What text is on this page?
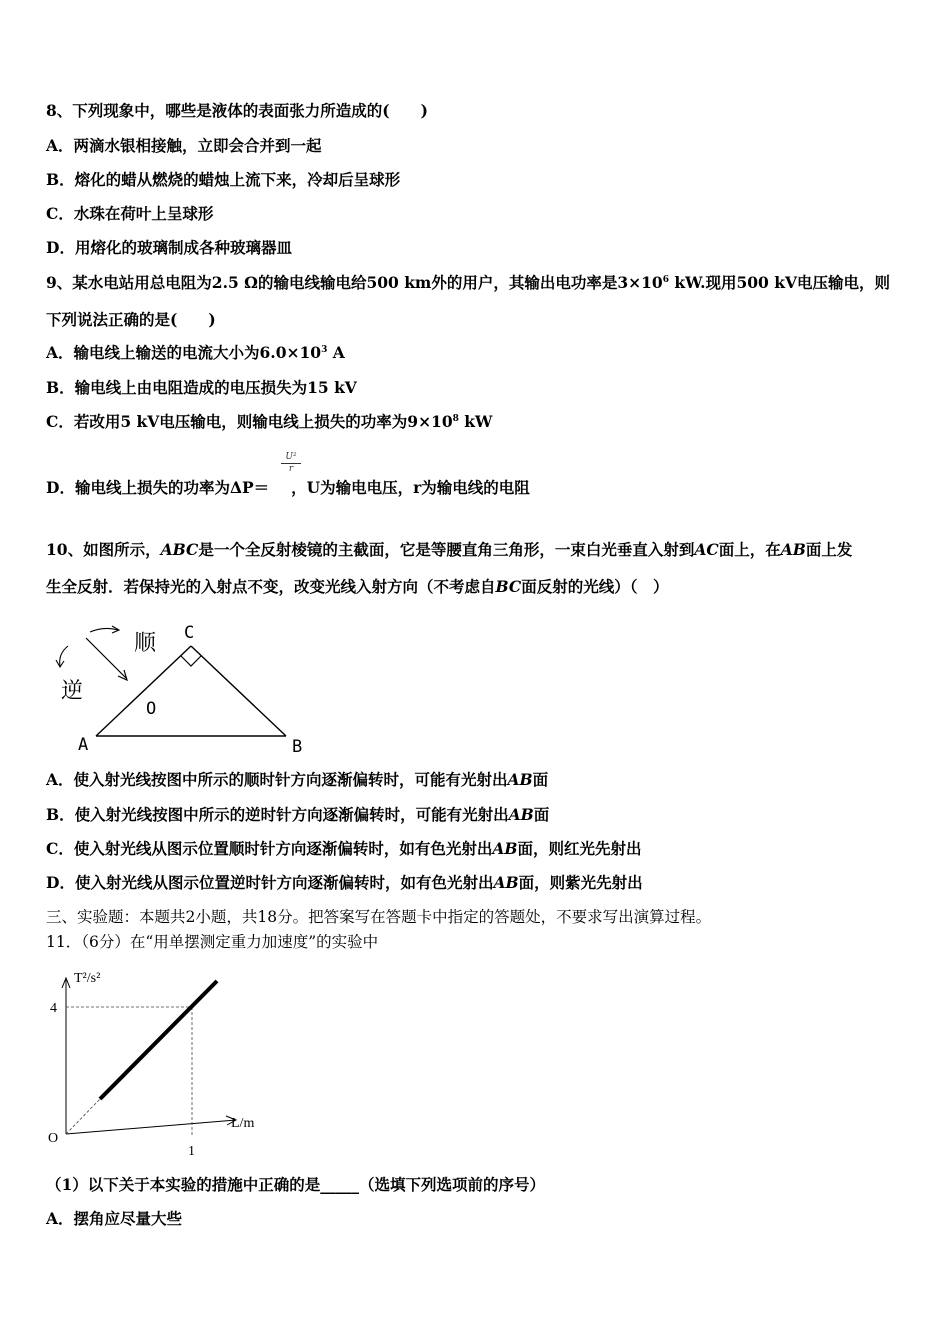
8、下列现象中，哪些是液体的表面张力所造成的(　　)
A．两滴水银相接触，立即会合并到一起
B．熔化的蜡从燃烧的蜡烛上流下来，冷却后呈球形
C．水珠在荷叶上呈球形
D．用熔化的玻璃制成各种玻璃器皿
9、某水电站用总电阻为2.5 Ω的输电线输电给500 km外的用户，其输出电功率是$3\times 10^6$ kW.现用500 kV电压输电，则
下列说法正确的是(　　)
A．输电线上输送的电流大小为$6.0\times 10^3$ A
B．输电线上由电阻造成的电压损失为15 kV
C．若改用5 kV电压输电，则输电线上损失的功率为$9\times 10^8$ kW
$\frac{\text{U²}}{r}$
D．输电线上损失的功率为ΔP＝ ，U为输电电压，r为输电线的电阻
10、如图所示，ABC是一个全反射棱镜的主截面，它是等腰直角三角形，一束白光垂直入射到AC面上，在AB面上发
生全反射．若保持光的入射点不变，改变光线入射方向（不考虑自BC面反射的光线）（　）
顺
逆
C
A	B
O
A．使入射光线按图中所示的顺时针方向逐渐偏转时，可能有光射出AB面
B．使入射光线按图中所示的逆时针方向逐渐偏转时，可能有光射出AB面
C．使入射光线从图示位置顺时针方向逐渐偏转时，如有色光射出AB面，则红光先射出
D．使入射光线从图示位置逆时针方向逐渐偏转时，如有色光射出AB面，则紫光先射出
三、实验题：本题共2小题，共18分。把答案写在答题卡中指定的答题处，不要求写出演算过程。
11．（6分）在“用单摆测定重力加速度”的实验中
T²/s²
L/m
O
4
1
（1）以下关于本实验的措施中正确的是_____（选填下列选项前的序号）
A．摆角应尽量大些
